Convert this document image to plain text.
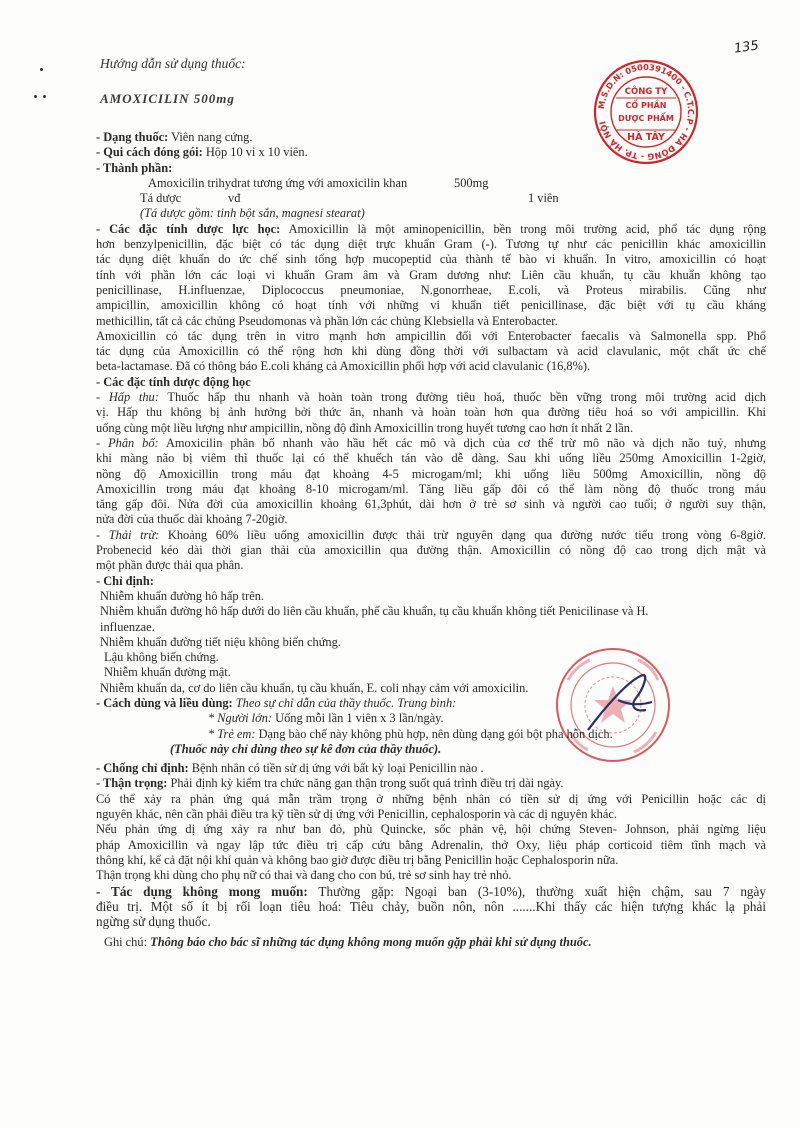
135
Hướng dẫn sử dụng thuốc:
AMOXICILIN 500mg	M.S.D.N: 0500391400 - C.T.C.P - HÀ ĐÔNG - TP. HÀ NỘI
CÔNG TY
CỔ PHẦN
DƯỢC PHẨM
HÀ TÂY

- Dạng thuốc: Viên nang cứng.

- Qui cách đóng gói: Hộp 10 vỉ x 10 viên.

- Thành phần:

Amoxicilin trihydrat tương ứng với amoxicilin khan	500mg

Tá dược	vđ	1 viên

(Tá dược gồm: tinh bột sắn, magnesi stearat)

- Các đặc tính dược lực học: Amoxicillin là một aminopenicillin, bền trong môi trường acid, phổ tác dụng rộng

hơn benzylpenicillin, đặc biệt có tác dụng diệt trực khuẩn Gram (-). Tương tự như các penicillin khác amoxicillin

tác dụng diệt khuẩn do ức chế sinh tổng hợp mucopeptid của thành tế bào vi khuẩn. In vitro, amoxicillin có hoạt

tính với phần lớn các loại vi khuẩn Gram âm và Gram dương như: Liên cầu khuẩn, tụ cầu khuẩn không tạo

penicillinase, H.influenzae, Diplococcus pneumoniae, N.gonorrheae, E.coli, và Proteus mirabilis. Cũng như

ampicillin, amoxicillin không có hoạt tính với những vi khuẩn tiết penicillinase, đặc biệt với tụ cầu kháng

methicillin, tất cả các chủng Pseudomonas và phần lớn các chủng Klebsiella và Enterobacter.

Amoxicillin có tác dụng trên in vitro mạnh hơn ampicillin đối với Enterobacter faecalis và Salmonella spp. Phổ

tác dụng của Amoxicillin có thể rộng hơn khi dùng đồng thời với sulbactam và acid clavulanic, một chất ức chế

beta-lactamase. Đã có thông báo E.coli kháng cả Amoxicillin phối hợp với acid clavulanic (16,8%).

- Các đặc tính dược động học

- Hấp thu: Thuốc hấp thu nhanh và hoàn toàn trong đường tiêu hoá, thuốc bền vững trong môi trường acid dịch

vị. Hấp thu không bị ảnh hưởng bởi thức ăn, nhanh và hoàn toàn hơn qua đường tiêu hoá so với ampicillin. Khi

uống cùng một liều lượng như ampicillin, nồng độ đỉnh Amoxicillin trong huyết tương cao hơn ít nhất 2 lần.

- Phân bố: Amoxicilin phân bố nhanh vào hầu hết các mô và dịch của cơ thể trừ mô não và dịch não tuỷ, nhưng

khi màng não bị viêm thì thuốc lại có thể khuếch tán vào dễ dàng. Sau khi uống liều 250mg Amoxicillin 1-2giờ,

nồng độ Amoxicillin trong máu đạt khoảng 4-5 microgam/ml; khi uống liều 500mg Amoxicillin, nồng độ

Amoxicillin trong máu đạt khoảng 8-10 microgam/ml. Tăng liều gấp đôi có thể làm nồng độ thuốc trong máu

tăng gấp đôi. Nửa đời của amoxicillin khoảng 61,3phút, dài hơn ở trẻ sơ sinh và người cao tuổi; ở người suy thận,

nửa đời của thuốc dài khoảng 7-20giờ.

- Thải trừ: Khoảng 60% liều uống amoxicillin được thải trừ nguyên dạng qua đường nước tiểu trong vòng 6-8giờ.

Probenecid kéo dài thời gian thải của amoxicillin qua đường thận. Amoxicillin có nồng độ cao trong dịch mật và

một phần được thải qua phân.

- Chỉ định:

Nhiễm khuẩn đường hô hấp trên.

Nhiễm khuẩn đường hô hấp dưới do liên cầu khuẩn, phế cầu khuẩn, tụ cầu khuẩn không tiết Penicilinase và H.

influenzae.

Nhiễm khuẩn đường tiết niệu không biến chứng.

Lậu không biến chứng.

Nhiễm khuẩn đường mật.

Nhiễm khuẩn da, cơ do liên cầu khuẩn, tụ cầu khuẩn, E. coli nhạy cảm với amoxicilin.

- Cách dùng và liều dùng: Theo sự chỉ dẫn của thầy thuốc. Trung bình:

* Người lớn: Uống mỗi lần 1 viên x 3 lần/ngày.

* Trẻ em: Dạng bào chế này không phù hợp, nên dùng dạng gói bột pha hỗn dịch.

(Thuốc này chỉ dùng theo sự kê đơn của thầy thuốc).

- Chống chỉ định: Bệnh nhân có tiền sử dị ứng với bất kỳ loại Penicillin nào .

- Thận trọng: Phải định kỳ kiểm tra chức năng gan thận trong suốt quá trình điều trị dài ngày.

Có thể xảy ra phản ứng quá mẫn trầm trọng ở những bệnh nhân có tiền sử dị ứng với Penicillin hoặc các dị

nguyên khác, nên cần phải điều tra kỹ tiền sử dị ứng với Penicillin, cephalosporin và các dị nguyên khác.

Nếu phản ứng dị ứng xảy ra như ban đỏ, phù Quincke, sốc phản vệ, hội chứng Steven- Johnson, phải ngừng liệu

pháp Amoxicillin và ngay lập tức điều trị cấp cứu bằng Adrenalin, thở Oxy, liệu pháp corticoid tiêm tĩnh mạch và

thông khí, kể cả đặt nội khí quản và không bao giờ được điều trị bằng Penicillin hoặc Cephalosporin nữa.

Thận trọng khi dùng cho phụ nữ có thai và đang cho con bú, trẻ sơ sinh hay trẻ nhỏ.

- Tác dụng không mong muốn: Thường gặp: Ngoại ban (3-10%), thường xuất hiện chậm, sau 7 ngày

điều trị. Một số ít bị rối loạn tiêu hoá: Tiêu chảy, buồn nôn, nôn .......Khi thấy các hiện tượng khác lạ phải

ngừng sử dụng thuốc.

Ghi chú: Thông báo cho bác sĩ những tác dụng không mong muốn gặp phải khi sử dụng thuốc.
